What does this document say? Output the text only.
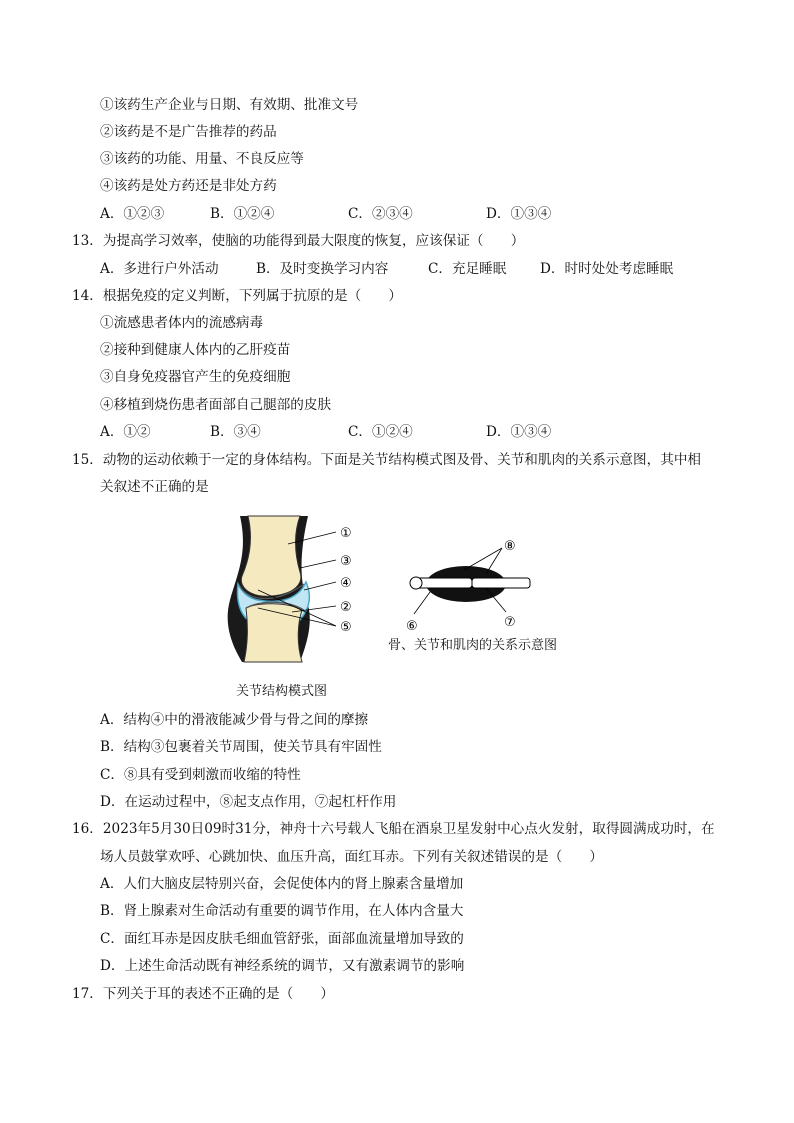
①该药生产企业与日期、有效期、批准文号
②该药是不是广告推荐的药品
③该药的功能、用量、不良反应等
④该药是处方药还是非处方药
A．①②③	B．①②④	C．②③④	D．①③④
13．为提高学习效率，使脑的功能得到最大限度的恢复，应该保证（　　）
A．多进行户外活动	B．及时变换学习内容	C．充足睡眠 D．时时处处考虑睡眠
14．根据免疫的定义判断，下列属于抗原的是（　　）
①流感患者体内的流感病毒
②接种到健康人体内的乙肝疫苗
③自身免疫器官产生的免疫细胞
④移植到烧伤患者面部自己腿部的皮肤
A．①②	B．③④	C．①②④	D．①③④
15．动物的运动依赖于一定的身体结构。下面是关节结构模式图及骨、关节和肌肉的关系示意图，其中相
关叙述不正确的是
①
③
④
②
⑤
关节结构模式图
⑧
⑥	⑦
骨、关节和肌肉的关系示意图
A．结构④中的滑液能减少骨与骨之间的摩擦
B．结构③包裹着关节周围，使关节具有牢固性
C．⑧具有受到刺激而收缩的特性
D．在运动过程中，⑧起支点作用，⑦起杠杆作用
16．2023年5月30日09时31分，神舟十六号载人飞船在酒泉卫星发射中心点火发射，取得圆满成功时，在
场人员鼓掌欢呼、心跳加快、血压升高，面红耳赤。下列有关叙述错误的是（　　）
A．人们大脑皮层特别兴奋，会促使体内的肾上腺素含量增加
B．肾上腺素对生命活动有重要的调节作用，在人体内含量大
C．面红耳赤是因皮肤毛细血管舒张，面部血流量增加导致的
D．上述生命活动既有神经系统的调节，又有激素调节的影响
17．下列关于耳的表述不正确的是（　　）
